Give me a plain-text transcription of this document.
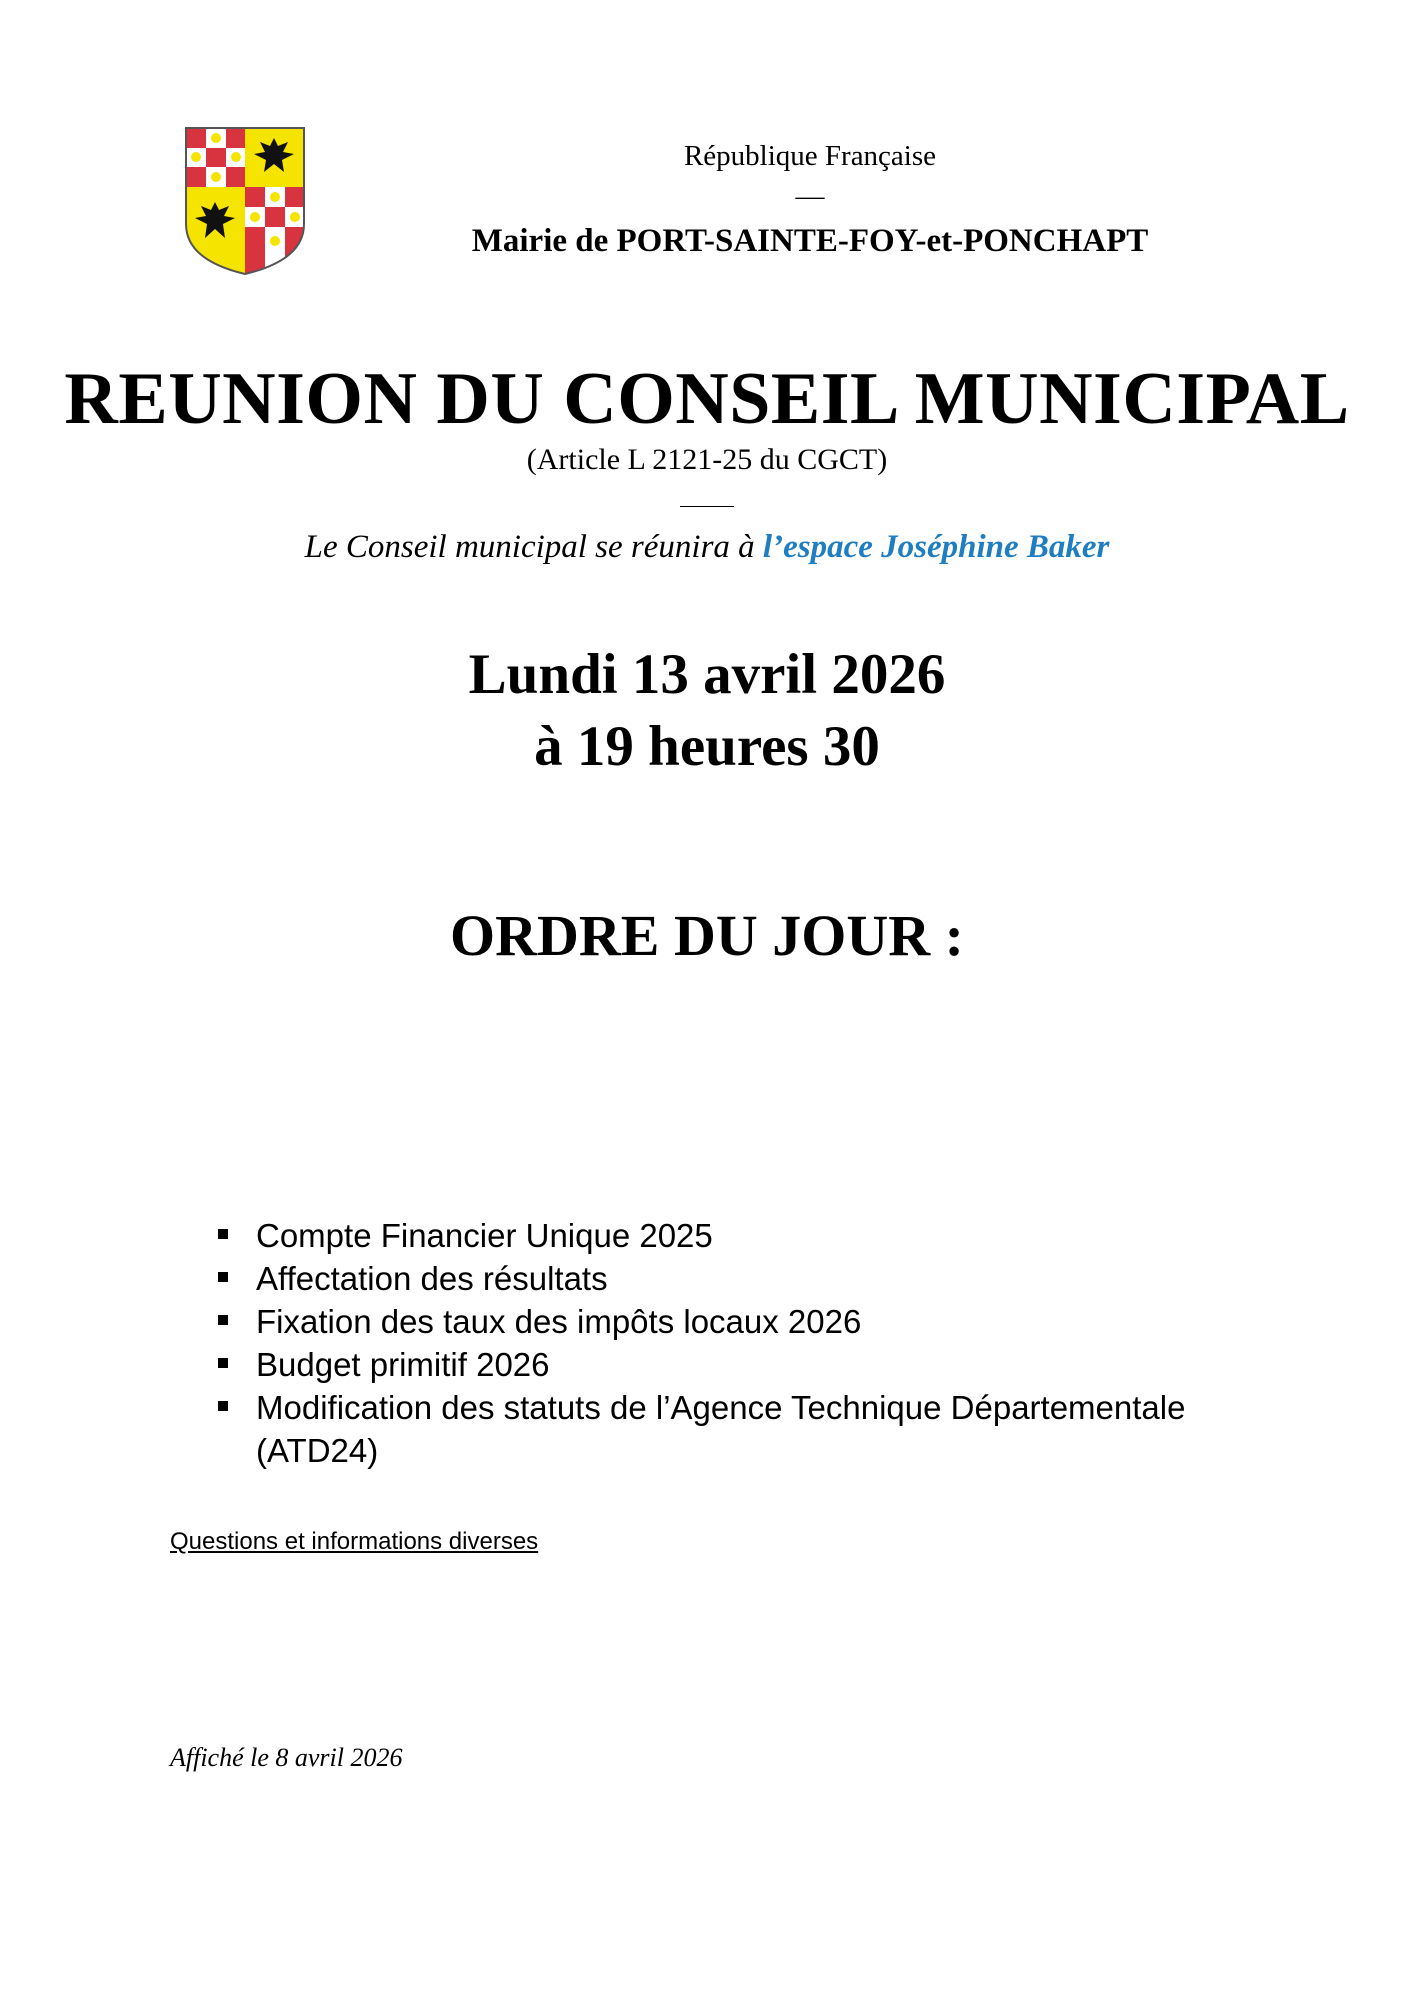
République Française

—

Mairie de PORT-SAINTE-FOY-et-PONCHAPT

REUNION DU CONSEIL MUNICIPAL
(Article L 2121-25 du CGCT)
Le Conseil municipal se réunira à l’espace Joséphine Baker
Lundi 13 avril 2026
à 19 heures 30
ORDRE DU JOUR :
Compte Financier Unique 2025
Affectation des résultats
Fixation des taux des impôts locaux 2026
Budget primitif 2026
Modification des statuts de l’Agence Technique Départementale (ATD24)
Questions et informations diverses
Affiché le 8 avril 2026
